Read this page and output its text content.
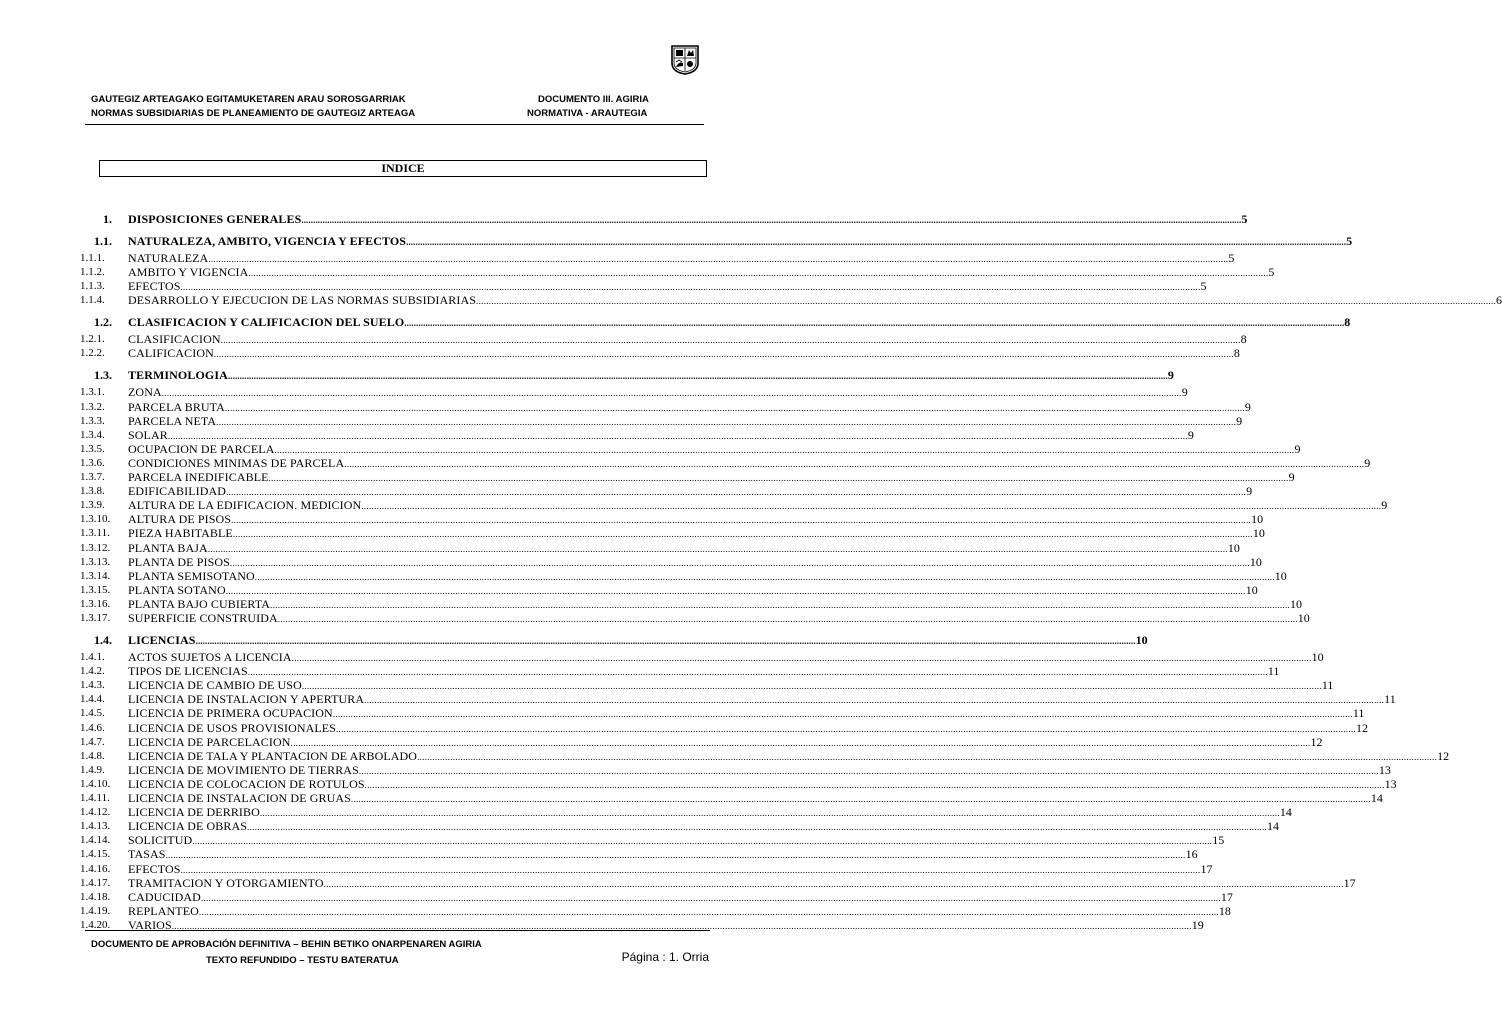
GAUTEGIZ ARTEAGAKO EGITAMUKETAREN ARAU SOROSGARRIAK
NORMAS SUBSIDIARIAS DE PLANEAMIENTO DE GAUTEGIZ ARTEAGA
DOCUMENTO III. AGIRIA
NORMATIVA - ARAUTEGIA
INDICE
1. DISPOSICIONES GENERALES ................................................................................................................................................................................................................................................................................................................................................................................................................ 5
1.1. NATURALEZA, AMBITO, VIGENCIA Y EFECTOS ................................................................................................................................................................................................................................................................................................................................................................................................................ 5
1.1.1.	NATURALEZA ................................................................................................................................................................................................................................................................................................................................................................................................................ 5
1.1.2.	AMBITO Y VIGENCIA ................................................................................................................................................................................................................................................................................................................................................................................................................ 5
1.1.3.	EFECTOS ................................................................................................................................................................................................................................................................................................................................................................................................................ 5
1.1.4.	DESARROLLO Y EJECUCION DE LAS NORMAS SUBSIDIARIAS ................................................................................................................................................................................................................................................................................................................................................................................................................ 6
1.2. CLASIFICACION Y CALIFICACION DEL SUELO ................................................................................................................................................................................................................................................................................................................................................................................................................ 8
1.2.1.	CLASIFICACION ................................................................................................................................................................................................................................................................................................................................................................................................................ 8
1.2.2.	CALIFICACION ................................................................................................................................................................................................................................................................................................................................................................................................................ 8
1.3. TERMINOLOGIA ................................................................................................................................................................................................................................................................................................................................................................................................................ 9
1.3.1.	ZONA ................................................................................................................................................................................................................................................................................................................................................................................................................ 9
1.3.2.	PARCELA BRUTA ................................................................................................................................................................................................................................................................................................................................................................................................................ 9
1.3.3.	PARCELA NETA ................................................................................................................................................................................................................................................................................................................................................................................................................ 9
1.3.4.	SOLAR ................................................................................................................................................................................................................................................................................................................................................................................................................ 9
1.3.5.	OCUPACION DE PARCELA ................................................................................................................................................................................................................................................................................................................................................................................................................ 9
1.3.6.	CONDICIONES MINIMAS DE PARCELA ................................................................................................................................................................................................................................................................................................................................................................................................................ 9
1.3.7.	PARCELA INEDIFICABLE ................................................................................................................................................................................................................................................................................................................................................................................................................ 9
1.3.8.	EDIFICABILIDAD ................................................................................................................................................................................................................................................................................................................................................................................................................ 9
1.3.9.	ALTURA DE LA EDIFICACION. MEDICION ................................................................................................................................................................................................................................................................................................................................................................................................................ 9
1.3.10.	ALTURA DE PISOS ................................................................................................................................................................................................................................................................................................................................................................................................................ 10
1.3.11.	PIEZA HABITABLE ................................................................................................................................................................................................................................................................................................................................................................................................................ 10
1.3.12.	PLANTA BAJA ................................................................................................................................................................................................................................................................................................................................................................................................................ 10
1.3.13.	PLANTA DE PISOS ................................................................................................................................................................................................................................................................................................................................................................................................................ 10
1.3.14.	PLANTA SEMISOTANO ................................................................................................................................................................................................................................................................................................................................................................................................................ 10
1.3.15.	PLANTA SOTANO ................................................................................................................................................................................................................................................................................................................................................................................................................ 10
1.3.16.	PLANTA BAJO CUBIERTA ................................................................................................................................................................................................................................................................................................................................................................................................................ 10
1.3.17.	SUPERFICIE CONSTRUIDA ................................................................................................................................................................................................................................................................................................................................................................................................................ 10
1.4. LICENCIAS ................................................................................................................................................................................................................................................................................................................................................................................................................ 10
1.4.1.	ACTOS SUJETOS A LICENCIA ................................................................................................................................................................................................................................................................................................................................................................................................................ 10
1.4.2.	TIPOS DE LICENCIAS ................................................................................................................................................................................................................................................................................................................................................................................................................ 11
1.4.3.	LICENCIA DE CAMBIO DE USO ................................................................................................................................................................................................................................................................................................................................................................................................................ 11
1.4.4.	LICENCIA DE INSTALACION Y APERTURA ................................................................................................................................................................................................................................................................................................................................................................................................................ 11
1.4.5.	LICENCIA DE PRIMERA OCUPACION ................................................................................................................................................................................................................................................................................................................................................................................................................ 11
1.4.6.	LICENCIA DE USOS PROVISIONALES ................................................................................................................................................................................................................................................................................................................................................................................................................ 12
1.4.7.	LICENCIA DE PARCELACION ................................................................................................................................................................................................................................................................................................................................................................................................................ 12
1.4.8.	LICENCIA DE TALA Y PLANTACION DE ARBOLADO ................................................................................................................................................................................................................................................................................................................................................................................................................ 12
1.4.9.	LICENCIA DE MOVIMIENTO DE TIERRAS ................................................................................................................................................................................................................................................................................................................................................................................................................ 13
1.4.10.	LICENCIA DE COLOCACION DE ROTULOS ................................................................................................................................................................................................................................................................................................................................................................................................................ 13
1.4.11.	LICENCIA DE INSTALACION DE GRUAS ................................................................................................................................................................................................................................................................................................................................................................................................................ 14
1.4.12.	LICENCIA DE DERRIBO ................................................................................................................................................................................................................................................................................................................................................................................................................ 14
1.4.13.	LICENCIA DE OBRAS ................................................................................................................................................................................................................................................................................................................................................................................................................ 14
1.4.14.	SOLICITUD ................................................................................................................................................................................................................................................................................................................................................................................................................ 15
1.4.15.	TASAS ................................................................................................................................................................................................................................................................................................................................................................................................................ 16
1.4.16.	EFECTOS ................................................................................................................................................................................................................................................................................................................................................................................................................ 17
1.4.17.	TRAMITACION Y OTORGAMIENTO ................................................................................................................................................................................................................................................................................................................................................................................................................ 17
1.4.18.	CADUCIDAD ................................................................................................................................................................................................................................................................................................................................................................................................................ 17
1.4.19.	REPLANTEO ................................................................................................................................................................................................................................................................................................................................................................................................................ 18
1.4.20.	VARIOS ................................................................................................................................................................................................................................................................................................................................................................................................................ 19
DOCUMENTO DE APROBACIÓN DEFINITIVA – BEHIN BETIKO ONARPENAREN AGIRIA
TEXTO REFUNDIDO – TESTU BATERATUA	Página : 1. Orria
